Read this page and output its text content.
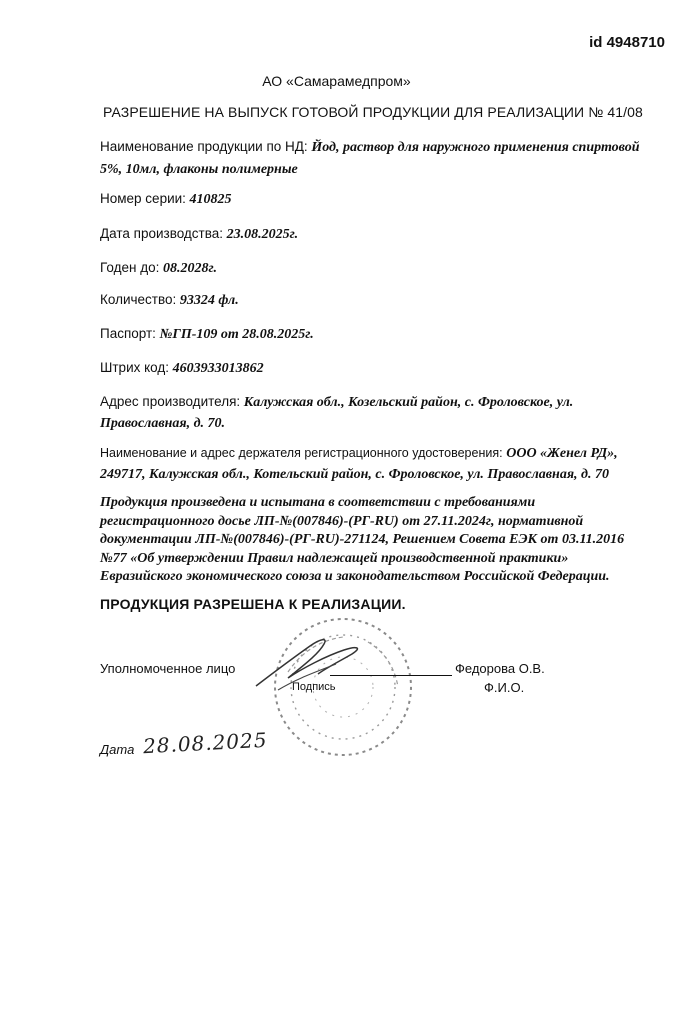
id 4948710
АО «Самарамедпром»
РАЗРЕШЕНИЕ НА ВЫПУСК ГОТОВОЙ ПРОДУКЦИИ ДЛЯ РЕАЛИЗАЦИИ № 41/08
Наименование продукции по НД: Йод, раствор для наружного применения спиртовой 5%, 10мл, флаконы полимерные
Номер серии: 410825
Дата производства: 23.08.2025г.
Годен до: 08.2028г.
Количество: 93324 фл.
Паспорт: №ГП-109 от 28.08.2025г.
Штрих код: 4603933013862
Адрес производителя: Калужская обл., Козельский район, с. Фроловское, ул. Православная, д. 70.
Наименование и адрес держателя регистрационного удостоверения: ООО «Женел РД», 249717, Калужская обл., Котельский район, с. Фроловское, ул. Православная, д. 70
Продукция произведена и испытана в соответствии с требованиями регистрационного досье ЛП-№(007846)-(РГ-RU) от 27.11.2024г, нормативной документации ЛП-№(007846)-(РГ-RU)-271124, Решением Совета ЕЭК от 03.11.2016 №77 «Об утверждении Правил надлежащей производственной практики» Евразийского экономического союза и законодательством Российской Федерации.
ПРОДУКЦИЯ РАЗРЕШЕНА К РЕАЛИЗАЦИИ.
Уполномоченное лицо	Федорова О.В.
Подпись	Ф.И.О.
Дата 28.08.2025
